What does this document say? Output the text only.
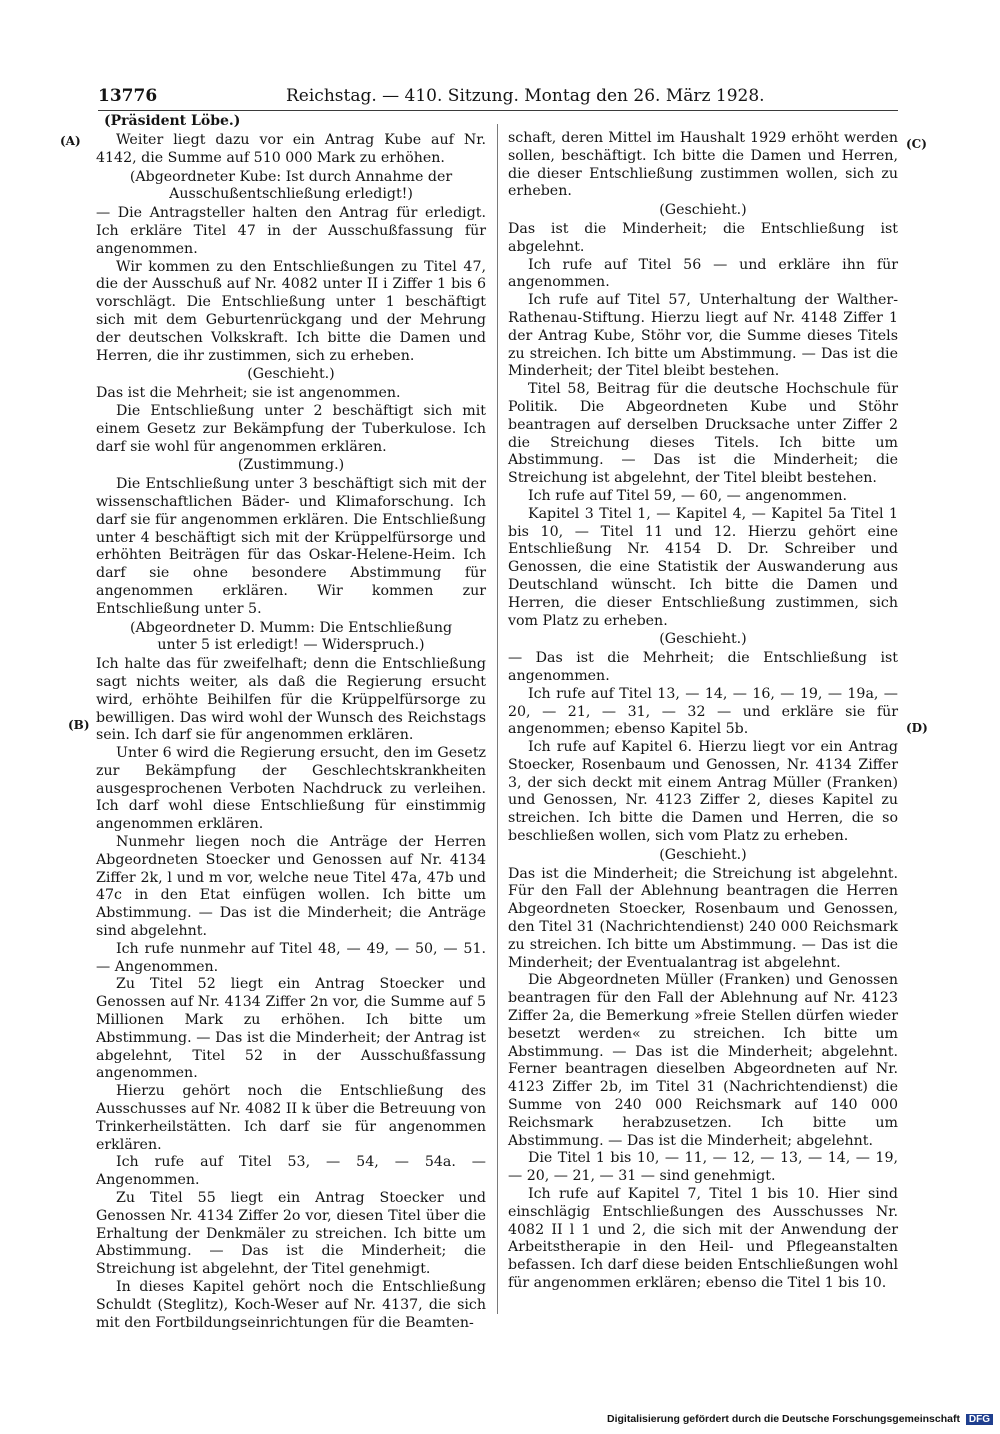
13776	Reichstag. — 410. Sitzung. Montag den 26. März 1928.
(Präsident Löbe.)
(A)
(B)
(C)
(D)

Weiter liegt dazu vor ein Antrag Kube auf Nr. 4142, die Summe auf 510 000 Mark zu erhöhen.

(Abgeordneter Kube: Ist durch Annahme der Ausschußentschließung erledigt!)

— Die Antragsteller halten den Antrag für erledigt. Ich erkläre Titel 47 in der Ausschußfassung für angenommen.

Wir kommen zu den Entschließungen zu Titel 47, die der Ausschuß auf Nr. 4082 unter II i Ziffer 1 bis 6 vorschlägt. Die Entschließung unter 1 beschäftigt sich mit dem Geburtenrückgang und der Mehrung der deutschen Volkskraft. Ich bitte die Damen und Herren, die ihr zustimmen, sich zu erheben.

(Geschieht.)

Das ist die Mehrheit; sie ist angenommen.

Die Entschließung unter 2 beschäftigt sich mit einem Gesetz zur Bekämpfung der Tuberkulose. Ich darf sie wohl für angenommen erklären.

(Zustimmung.)

Die Entschließung unter 3 beschäftigt sich mit der wissenschaftlichen Bäder- und Klimaforschung. Ich darf sie für angenommen erklären. Die Entschließung unter 4 beschäftigt sich mit der Krüppelfürsorge und erhöhten Beiträgen für das Oskar-Helene-Heim. Ich darf sie ohne besondere Abstimmung für angenommen erklären. Wir kommen zur Entschließung unter 5.

(Abgeordneter D. Mumm: Die Entschließung unter 5 ist erledigt! — Widerspruch.)

Ich halte das für zweifelhaft; denn die Entschließung sagt nichts weiter, als daß die Regierung ersucht wird, erhöhte Beihilfen für die Krüppelfürsorge zu bewilligen. Das wird wohl der Wunsch des Reichstags sein. Ich darf sie für angenommen erklären.

Unter 6 wird die Regierung ersucht, den im Gesetz zur Bekämpfung der Geschlechtskrankheiten ausgesprochenen Verboten Nachdruck zu verleihen. Ich darf wohl diese Entschließung für einstimmig angenommen erklären.

Nunmehr liegen noch die Anträge der Herren Abgeordneten Stoecker und Genossen auf Nr. 4134 Ziffer 2k, l und m vor, welche neue Titel 47a, 47b und 47c in den Etat einfügen wollen. Ich bitte um Abstimmung. — Das ist die Minderheit; die Anträge sind abgelehnt.

Ich rufe nunmehr auf Titel 48, — 49, — 50, — 51. — Angenommen.

Zu Titel 52 liegt ein Antrag Stoecker und Genossen auf Nr. 4134 Ziffer 2n vor, die Summe auf 5 Millionen Mark zu erhöhen. Ich bitte um Abstimmung. — Das ist die Minderheit; der Antrag ist abgelehnt, Titel 52 in der Ausschußfassung angenommen.

Hierzu gehört noch die Entschließung des Ausschusses auf Nr. 4082 II k über die Betreuung von Trinkerheilstätten. Ich darf sie für angenommen erklären.

Ich rufe auf Titel 53, — 54, — 54a. — Angenommen.

Zu Titel 55 liegt ein Antrag Stoecker und Genossen Nr. 4134 Ziffer 2o vor, diesen Titel über die Erhaltung der Denkmäler zu streichen. Ich bitte um Abstimmung. — Das ist die Minderheit; die Streichung ist abgelehnt, der Titel genehmigt.

In dieses Kapitel gehört noch die Entschließung Schuldt (Steglitz), Koch-Weser auf Nr. 4137, die sich mit den Fortbildungseinrichtungen für die Beamten-

schaft, deren Mittel im Haushalt 1929 erhöht werden sollen, beschäftigt. Ich bitte die Damen und Herren, die dieser Entschließung zustimmen wollen, sich zu erheben.

(Geschieht.)

Das ist die Minderheit; die Entschließung ist abgelehnt.

Ich rufe auf Titel 56 — und erkläre ihn für angenommen.

Ich rufe auf Titel 57, Unterhaltung der Walther-Rathenau-Stiftung. Hierzu liegt auf Nr. 4148 Ziffer 1 der Antrag Kube, Stöhr vor, die Summe dieses Titels zu streichen. Ich bitte um Abstimmung. — Das ist die Minderheit; der Titel bleibt bestehen.

Titel 58, Beitrag für die deutsche Hochschule für Politik. Die Abgeordneten Kube und Stöhr beantragen auf derselben Drucksache unter Ziffer 2 die Streichung dieses Titels. Ich bitte um Abstimmung. — Das ist die Minderheit; die Streichung ist abgelehnt, der Titel bleibt bestehen.

Ich rufe auf Titel 59, — 60, — angenommen.

Kapitel 3 Titel 1, — Kapitel 4, — Kapitel 5a Titel 1 bis 10, — Titel 11 und 12. Hierzu gehört eine Entschließung Nr. 4154 D. Dr. Schreiber und Genossen, die eine Statistik der Auswanderung aus Deutschland wünscht. Ich bitte die Damen und Herren, die dieser Entschließung zustimmen, sich vom Platz zu erheben.

(Geschieht.)

— Das ist die Mehrheit; die Entschließung ist angenommen.

Ich rufe auf Titel 13, — 14, — 16, — 19, — 19a, — 20, — 21, — 31, — 32 — und erkläre sie für angenommen; ebenso Kapitel 5b.

Ich rufe auf Kapitel 6. Hierzu liegt vor ein Antrag Stoecker, Rosenbaum und Genossen, Nr. 4134 Ziffer 3, der sich deckt mit einem Antrag Müller (Franken) und Genossen, Nr. 4123 Ziffer 2, dieses Kapitel zu streichen. Ich bitte die Damen und Herren, die so beschließen wollen, sich vom Platz zu erheben.

(Geschieht.)

Das ist die Minderheit; die Streichung ist abgelehnt. Für den Fall der Ablehnung beantragen die Herren Abgeordneten Stoecker, Rosenbaum und Genossen, den Titel 31 (Nachrichtendienst) 240 000 Reichsmark zu streichen. Ich bitte um Abstimmung. — Das ist die Minderheit; der Eventualantrag ist abgelehnt.

Die Abgeordneten Müller (Franken) und Genossen beantragen für den Fall der Ablehnung auf Nr. 4123 Ziffer 2a, die Bemerkung »freie Stellen dürfen wieder besetzt werden« zu streichen. Ich bitte um Abstimmung. — Das ist die Minderheit; abgelehnt. Ferner beantragen dieselben Abgeordneten auf Nr. 4123 Ziffer 2b, im Titel 31 (Nachrichtendienst) die Summe von 240 000 Reichsmark auf 140 000 Reichsmark herabzusetzen. Ich bitte um Abstimmung. — Das ist die Minderheit; abgelehnt.

Die Titel 1 bis 10, — 11, — 12, — 13, — 14, — 19, — 20, — 21, — 31 — sind genehmigt.

Ich rufe auf Kapitel 7, Titel 1 bis 10. Hier sind einschlägig Entschließungen des Ausschusses Nr. 4082 II l 1 und 2, die sich mit der Anwendung der Arbeitstherapie in den Heil- und Pflegeanstalten befassen. Ich darf diese beiden Entschließungen wohl für angenommen erklären; ebenso die Titel 1 bis 10.

Digitalisierung gefördert durch die Deutsche Forschungsgemeinschaft DFG
